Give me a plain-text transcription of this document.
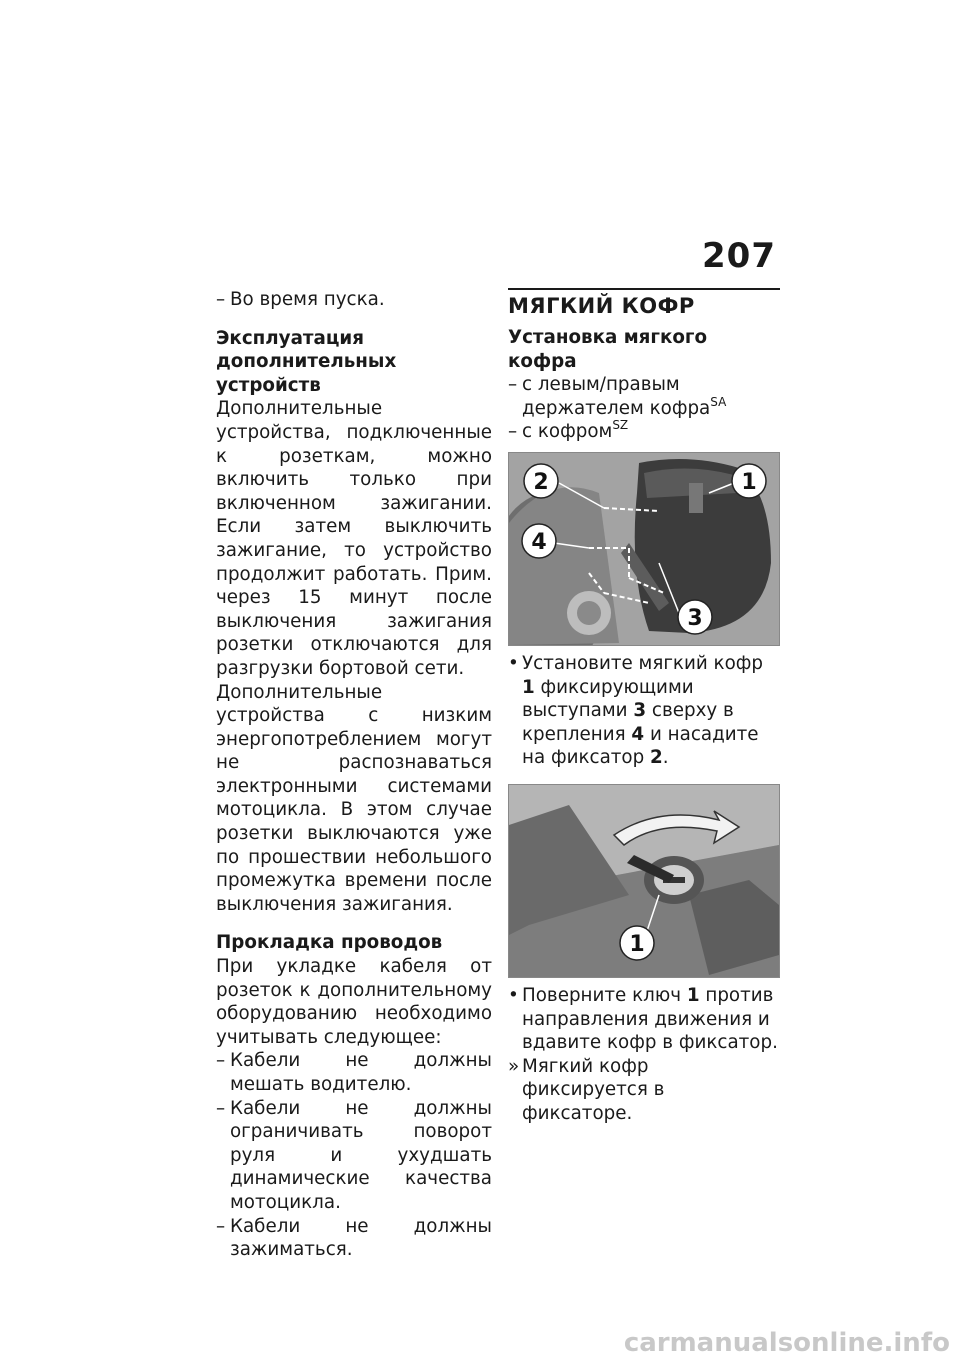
207
– Во время пуска.
Эксплуатация дополнительных устройств

Дополнительные устройства, подключенные к розеткам, можно включить только при включенном зажигании. Если затем выключить зажигание, то устройство продолжит работать. Прим. через 15 минут после выключения зажигания розетки отключаются для разгрузки бортовой сети.

Дополнительные устройства с низким энергопотреблением могут не распознаваться электронными системами мотоцикла. В этом случае розетки выключаются уже по прошествии небольшого промежутка времени после выключения зажигания.

Прокладка проводов

При укладке кабеля от розеток к дополнительному оборудованию необходимо учитывать следующее:

– Кабели не должны мешать водителю.
– Кабели не должны ограничивать поворот руля и ухудшать динамические качества мотоцикла.
– Кабели не должны зажиматься.
МЯГКИЙ КОФР
Установка мягкого кофра
– с левым/правым держателем кофра$^{SA}$
– с кофром$^{SZ}$
2	1
4
3
• Установите мягкий кофр 1 фиксирующими выступами 3 сверху в крепления 4 и насадите на фиксатор 2.
1
• Поверните ключ 1 против направления движения и вдавите кофр в фиксатор.
» Мягкий кофр фиксируется в фиксаторе.
carmanualsonline.info
